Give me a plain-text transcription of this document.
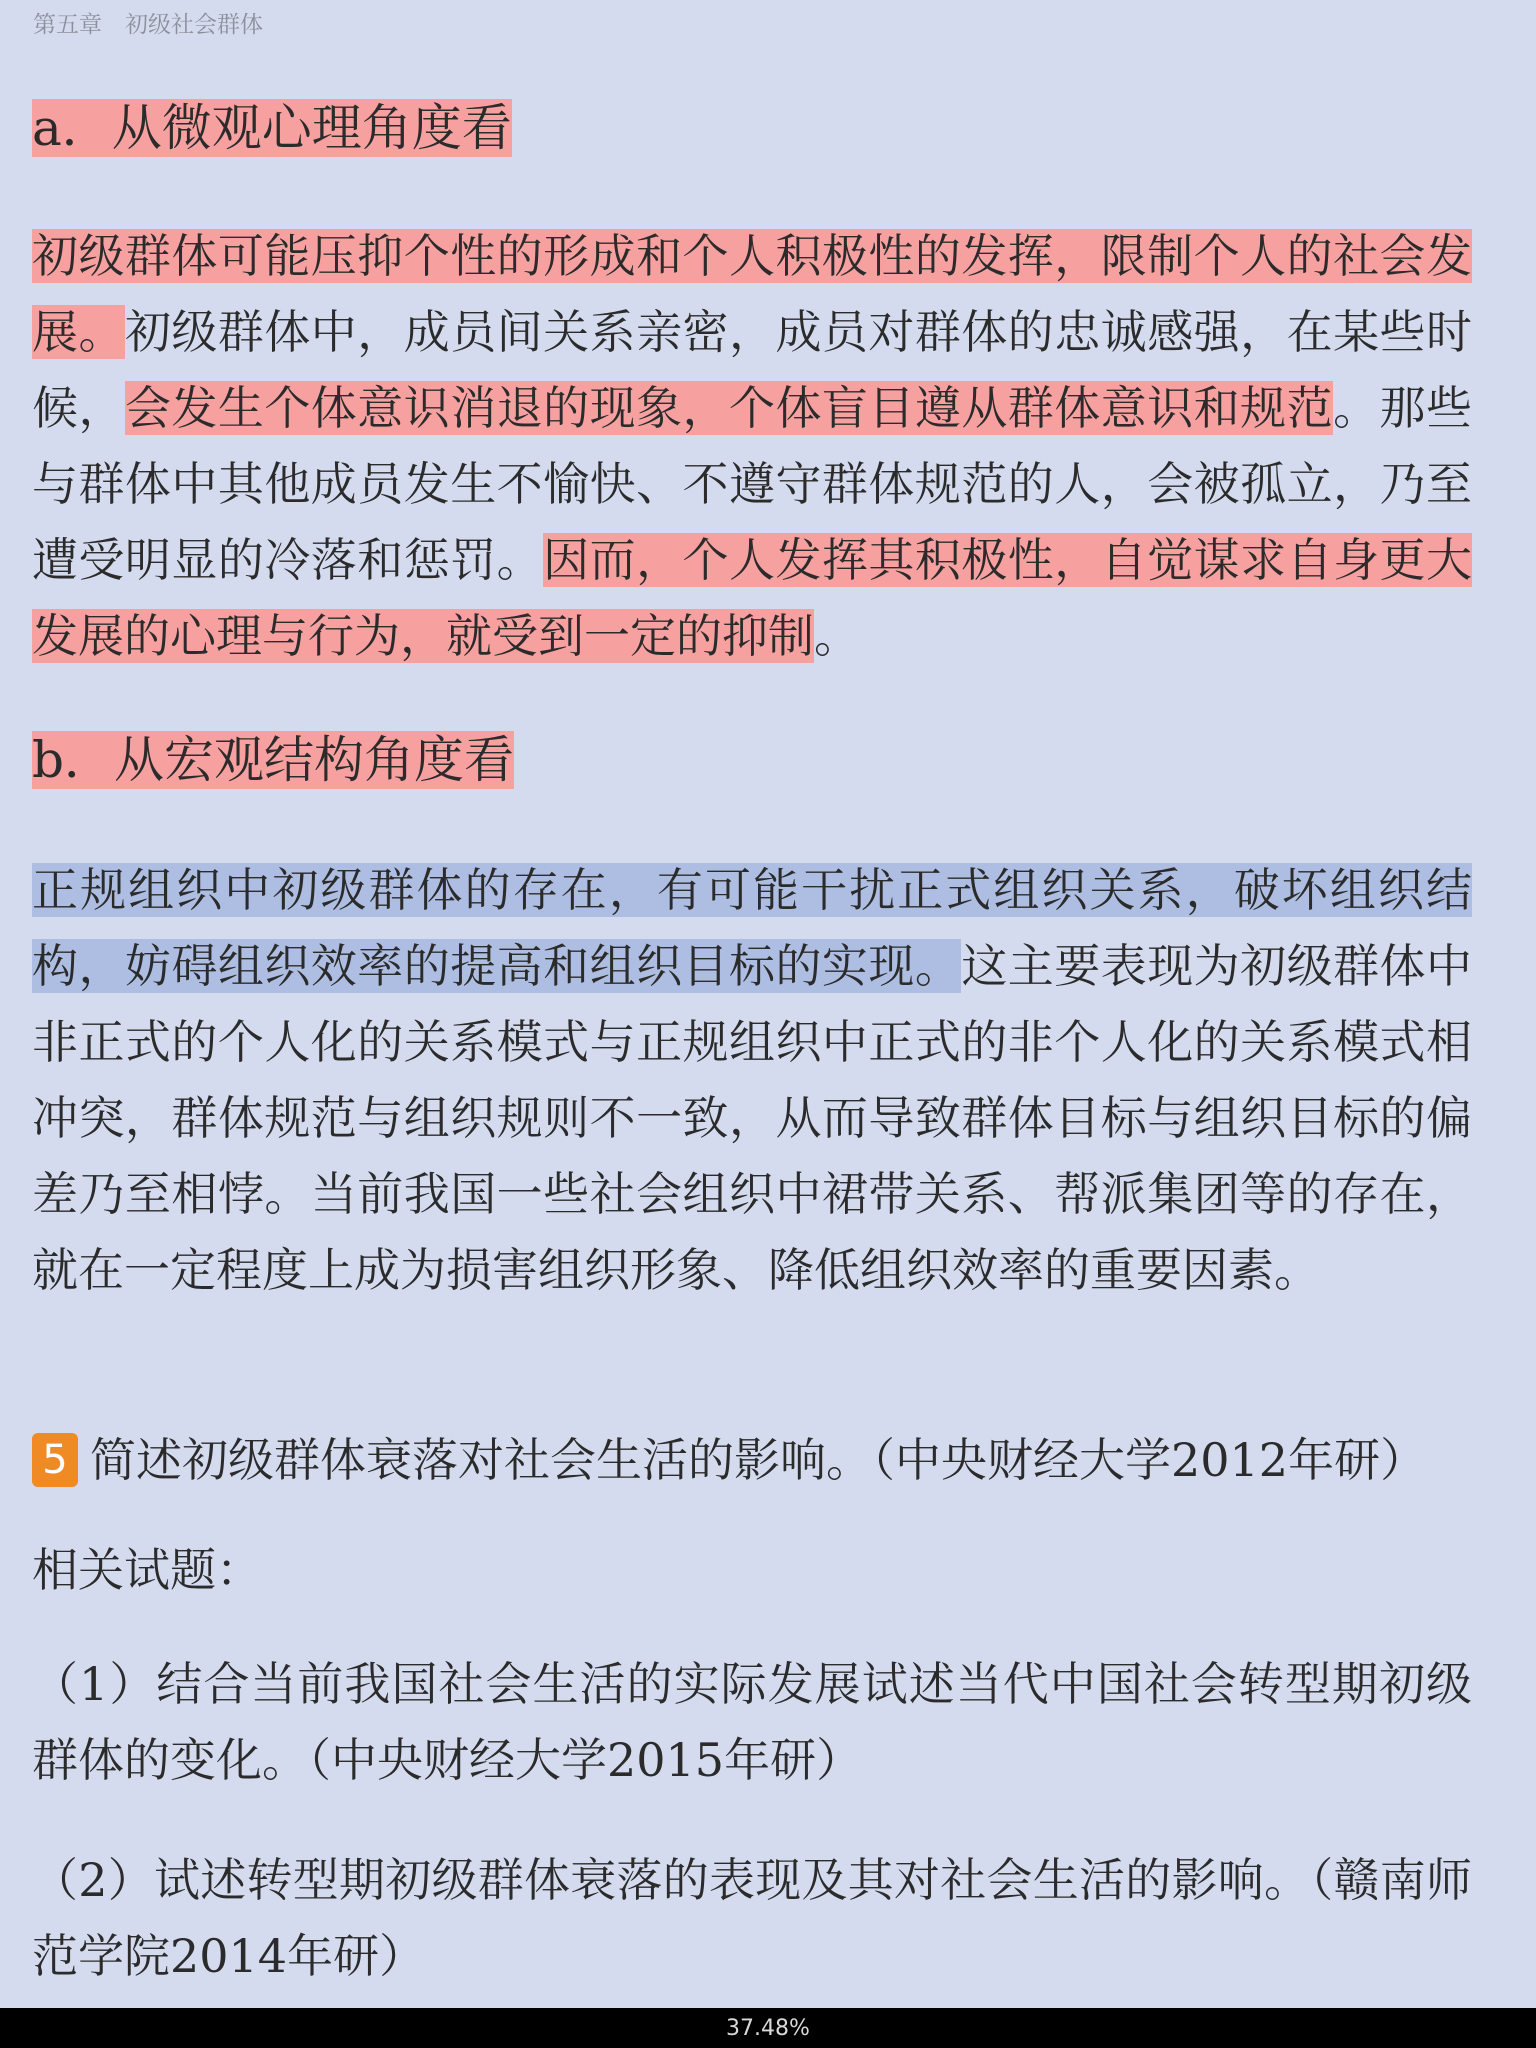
第五章　初级社会群体

a．从微观心理角度看

初级群体可能压抑个性的形成和个人积极性的发挥，限制个人的社会发展。初级群体中，成员间关系亲密，成员对群体的忠诚感强，在某些时候，会发生个体意识消退的现象，个体盲目遵从群体意识和规范。那些与群体中其他成员发生不愉快、不遵守群体规范的人，会被孤立，乃至遭受明显的冷落和惩罚。因而，个人发挥其积极性，自觉谋求自身更大发展的心理与行为，就受到一定的抑制。

b．从宏观结构角度看

正规组织中初级群体的存在，有可能干扰正式组织关系，破坏组织结构，妨碍组织效率的提高和组织目标的实现。这主要表现为初级群体中非正式的个人化的关系模式与正规组织中正式的非个人化的关系模式相冲突，群体规范与组织规则不一致，从而导致群体目标与组织目标的偏差乃至相悖。当前我国一些社会组织中裙带关系、帮派集团等的存在，就在一定程度上成为损害组织形象、降低组织效率的重要因素。

5 简述初级群体衰落对社会生活的影响。（中央财经大学2012年研）
相关试题：
（1）结合当前我国社会生活的实际发展试述当代中国社会转型期初级群体的变化。（中央财经大学2015年研）
（2）试述转型期初级群体衰落的表现及其对社会生活的影响。（赣南师范学院2014年研）
37.48%
